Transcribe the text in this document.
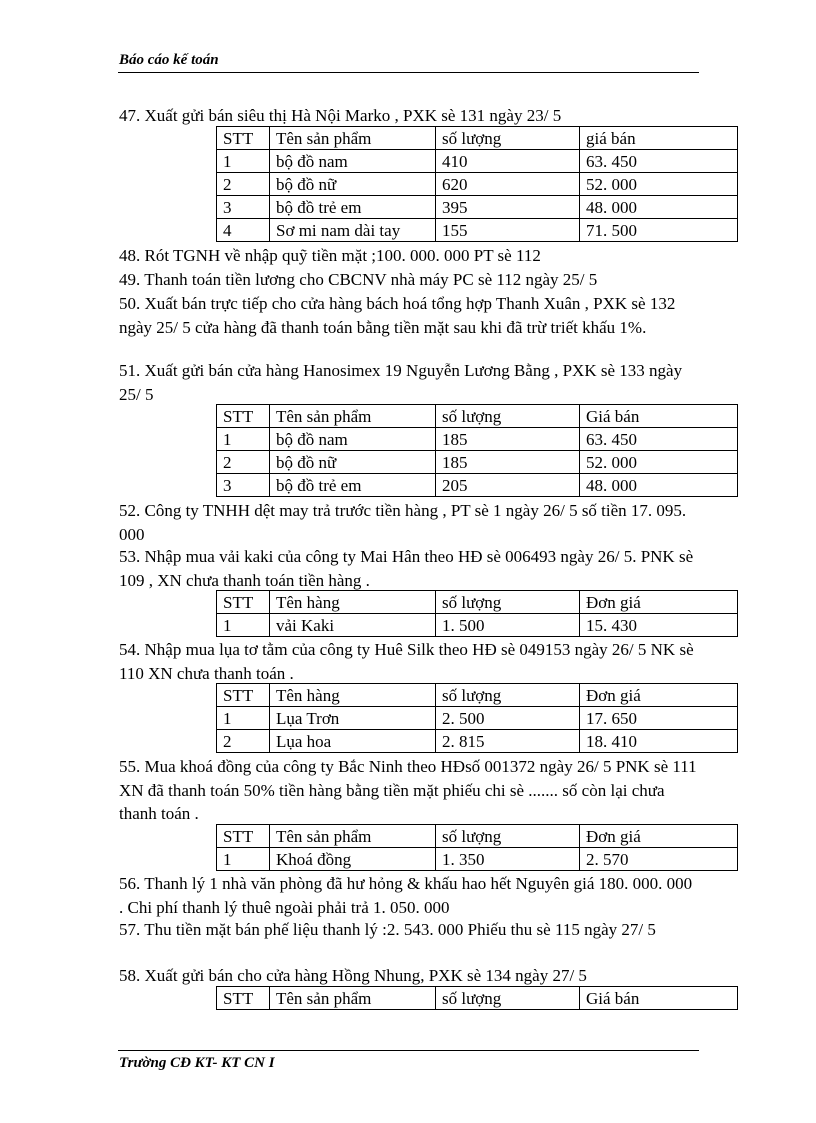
Báo cáo kế toán

47. Xuất gửi bán siêu thị Hà Nội Marko , PXK sè 131 ngày 23/ 5

STT	Tên sản phẩm	số lượng	giá bán
1	bộ đồ nam	410	63. 450
2	bộ đồ nữ	620	52. 000
3	bộ đồ trẻ em	395	48. 000
4	Sơ mi nam dài tay	155	71. 500

48. Rót TGNH về nhập quỹ tiền mặt ;100. 000. 000 PT sè 112

49. Thanh toán tiền lương cho CBCNV nhà máy PC sè 112 ngày 25/ 5

50. Xuất bán trực tiếp cho cửa hàng bách hoá tổng hợp Thanh Xuân , PXK sè 132 ngày 25/ 5 cửa hàng đã thanh toán bằng tiền mặt sau khi đã trừ triết khấu 1%.

51. Xuất gửi bán cửa hàng Hanosimex 19 Nguyễn Lương Bằng , PXK sè 133 ngày 25/ 5

STT	Tên sản phẩm	số lượng	Giá bán
1	bộ đồ nam	185	63. 450
2	bộ đồ nữ	185	52. 000
3	bộ đồ trẻ em	205	48. 000

52. Công ty TNHH dệt may trả trước tiền hàng , PT sè 1 ngày 26/ 5 số tiền 17. 095. 000

53. Nhập mua vải kaki của công ty Mai Hân theo HĐ sè 006493 ngày 26/ 5. PNK sè 109 , XN chưa thanh toán tiền hàng .

STT	Tên hàng	số lượng	Đơn giá
1	vải Kaki	1. 500	15. 430

54. Nhập mua lụa tơ tằm của công ty Huê Silk theo HĐ sè 049153 ngày 26/ 5 NK sè 110 XN chưa thanh toán .

STT	Tên hàng	số lượng	Đơn giá
1	Lụa Trơn	2. 500	17. 650
2	Lụa hoa	2. 815	18. 410

55. Mua khoá đồng của công ty Bắc Ninh theo HĐsố 001372 ngày 26/ 5 PNK sè 111 XN đã thanh toán 50% tiền hàng bằng tiền mặt phiếu chi sè ....... số còn lại chưa thanh toán .

STT	Tên sản phẩm	số lượng	Đơn giá
1	Khoá đồng	1. 350	2. 570

56. Thanh lý 1 nhà văn phòng đã hư hỏng & khấu hao hết Nguyên giá 180. 000. 000 . Chi phí thanh lý thuê ngoài phải trả 1. 050. 000

57. Thu tiền mặt bán phế liệu thanh lý :2. 543. 000 Phiếu thu sè 115 ngày 27/ 5

58. Xuất gửi bán cho cửa hàng Hồng Nhung, PXK sè 134 ngày 27/ 5

STT	Tên sản phẩm	số lượng	Giá bán
Trường CĐ KT- KT CN I
